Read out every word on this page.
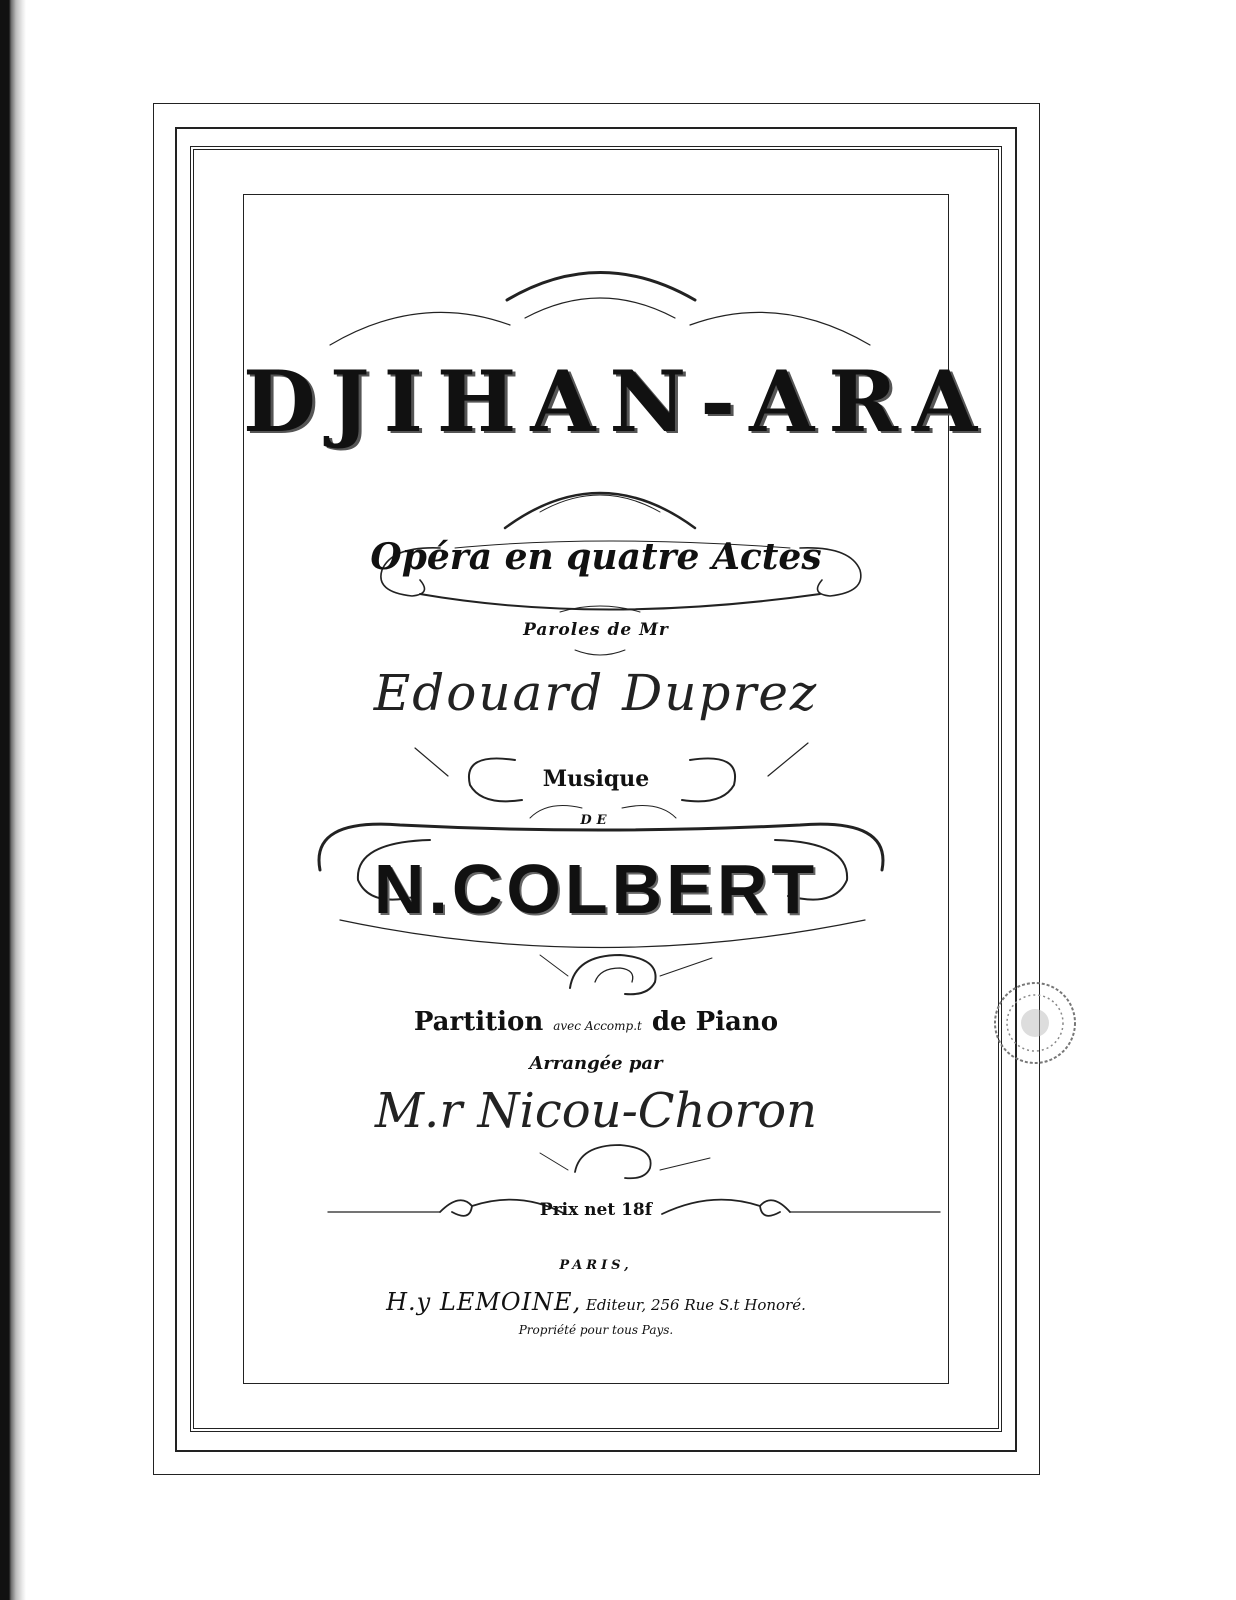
DJIHAN-ARA
Opéra en quatre Actes
Paroles de Mr
Edouard Duprez
Musique
DE
N.COLBERT
Partition avec Accomp.t de Piano
Arrangée par
M.r Nicou-Choron
Prix net 18f
PARIS,
H.y LEMOINE, Editeur, 256 Rue S.t Honoré.
Propriété pour tous Pays.
